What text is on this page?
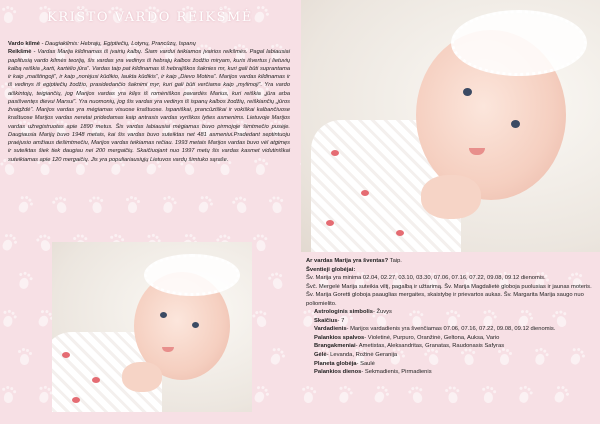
KRIŠTO VARDO REIKŠMĖ
Vardo kilmė - Daugiakilmis: Hebrajų, Egiptiečių, Lotynų, Prancūzų, Ispanų
Reikšmė - Vardas Marija kildinamas iš įvairių kalbų. Šiam vardui teikiamos įvairios reikšmės. Pagal labiausiai paplitusią vardo kilmės teoriją, šis vardas yra vedinys iš hebrajų kalbos žodžio miryam, kuris išvertus į lietuvių kalbą reiškia „karti, kartėlio jūra“. Vardas taip pat kildinamas iš hebrajiškos šaknies mr, kuri gali būti suprantama ir kaip „maištingoji“, ir kaip „norėjusi kūdikio, laukta kūdikis“, ir kaip „Dievo Motina“. Marijos vardas kildinamas ir iš vedinys iš egiptiečių žodžio, prasidedančio šaknimi myr, kuri gali būti verčiama kaip „mylimoji“. Yra vardo aiškintojų, teigiančių, jog Marijos vardas yra kilęs iš romėniškos pavardės Marius, kuri reiškia „jūra arba pasišventęs dievui Marsui“. Yra nuomonių, jog šis vardas yra vedinys iš ispanų kalbos žodžių, reiškiančių „jūros žvaigždė“. Marijos vardas yra mėgiamas visuose kraštuose. Ispaniškai, prancūziškai ir vokiškai kalbančiuose kraštuose Marijos vardas neretai pridedamas kaip antrasis vardas vyriškos lyties asmenims. Lietuvoje Marijos vardas užregistruotas apie 1890 metus. Šis vardas labiausiai mėgiamas buvo pirmojoje šimtmečio pusėje. Daugiausia Marijų buvo 1948 metais, kai šis vardas buvo suteiktas net 481 asmeniui.Pradedant septintuoju praėjusio amžiaus dešimtmečiu, Marijos vardas teikiamas rečiau. 1993 metais Marijos vardas buvo vėl atgimęs ir suteiktas šiek tiek daugiau nei 200 mergaičių. Skaičiuojant nuo 1997 metų šis vardas kasmet vidutiniškai suteikiamas apie 120 mergaičių. Jis yra populiariausiųjų Lietuvos vardų šimtuko sąraše.

Ar vardas Marija yra šventas? Taip.

Šventieji globėjai:

Šv. Marija yra minima 02.04, 02.27, 03.10, 03.30, 07.06, 07.16, 07.22, 09.08, 09.12 dienomis.

Švč. Mergelė Marija suteikia viltį, pagalbą ir užtarimą. Šv. Marija Magdalietė globoja puolusias ir jaunas moteris. Šv. Marija Goretti globoja paauglias mergaites, skaistybę ir prievartos aukas. Šv. Margarita Marija saugo nuo poliomielito.

Astrologinis simbolis- Žuvys

Skaičius- 7

Vardadienis- Marijos vardadienis yra švenčiamas 07.06, 07.16, 07.22, 09.08, 09.12 dienomis.

Palankios spalvos- Violetinė, Purpuro, Oranžinė, Geltona, Auksa, Vario

Brangakmeniai- Ametistas, Aleksandritas, Granatas, Raudonasis Safyras

Gėlė- Levanda, Rožinė Geranija

Planeta globėja- Saulė

Palankios dienos- Sekmadienis, Pirmadienis
